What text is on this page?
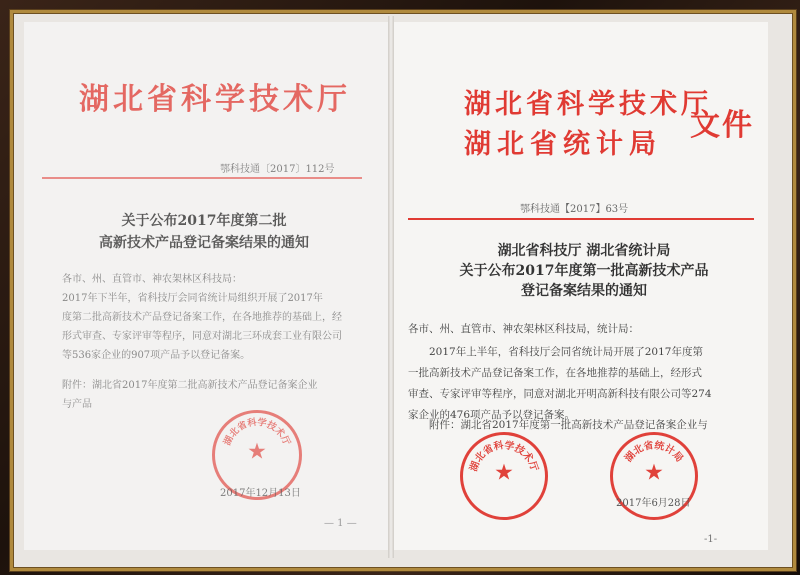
湖北省科学技术厅
鄂科技通〔2017〕112号
关于公布2017年度第二批
高新技术产品登记备案结果的通知
各市、州、直管市、神农架林区科技局：
2017年下半年，省科技厅会同省统计局组织开展了2017年
度第二批高新技术产品登记备案工作，在各地推荐的基础上，经
形式审查、专家评审等程序，同意对湖北三环成套工业有限公司
等536家企业的907项产品予以登记备案。
附件：湖北省2017年度第二批高新技术产品登记备案企业
与产品
湖北省科学技术厅
★
2017年12月13日
— 1 —
湖北省科学技术厅
湖北省统计局
文件
鄂科技通【2017】63号
湖北省科技厅 湖北省统计局
关于公布2017年度第一批高新技术产品
登记备案结果的通知
各市、州、直管市、神农架林区科技局，统计局：
　　2017年上半年，省科技厅会同省统计局开展了2017年度第
一批高新技术产品登记备案工作，在各地推荐的基础上，经形式
审查、专家评审等程序，同意对湖北开明高新科技有限公司等274
家企业的476项产品予以登记备案。
　　附件：湖北省2017年度第一批高新技术产品登记备案企业与
湖北省科学技术厅
★
湖北省统计局
★
2017年6月28日
-1-
